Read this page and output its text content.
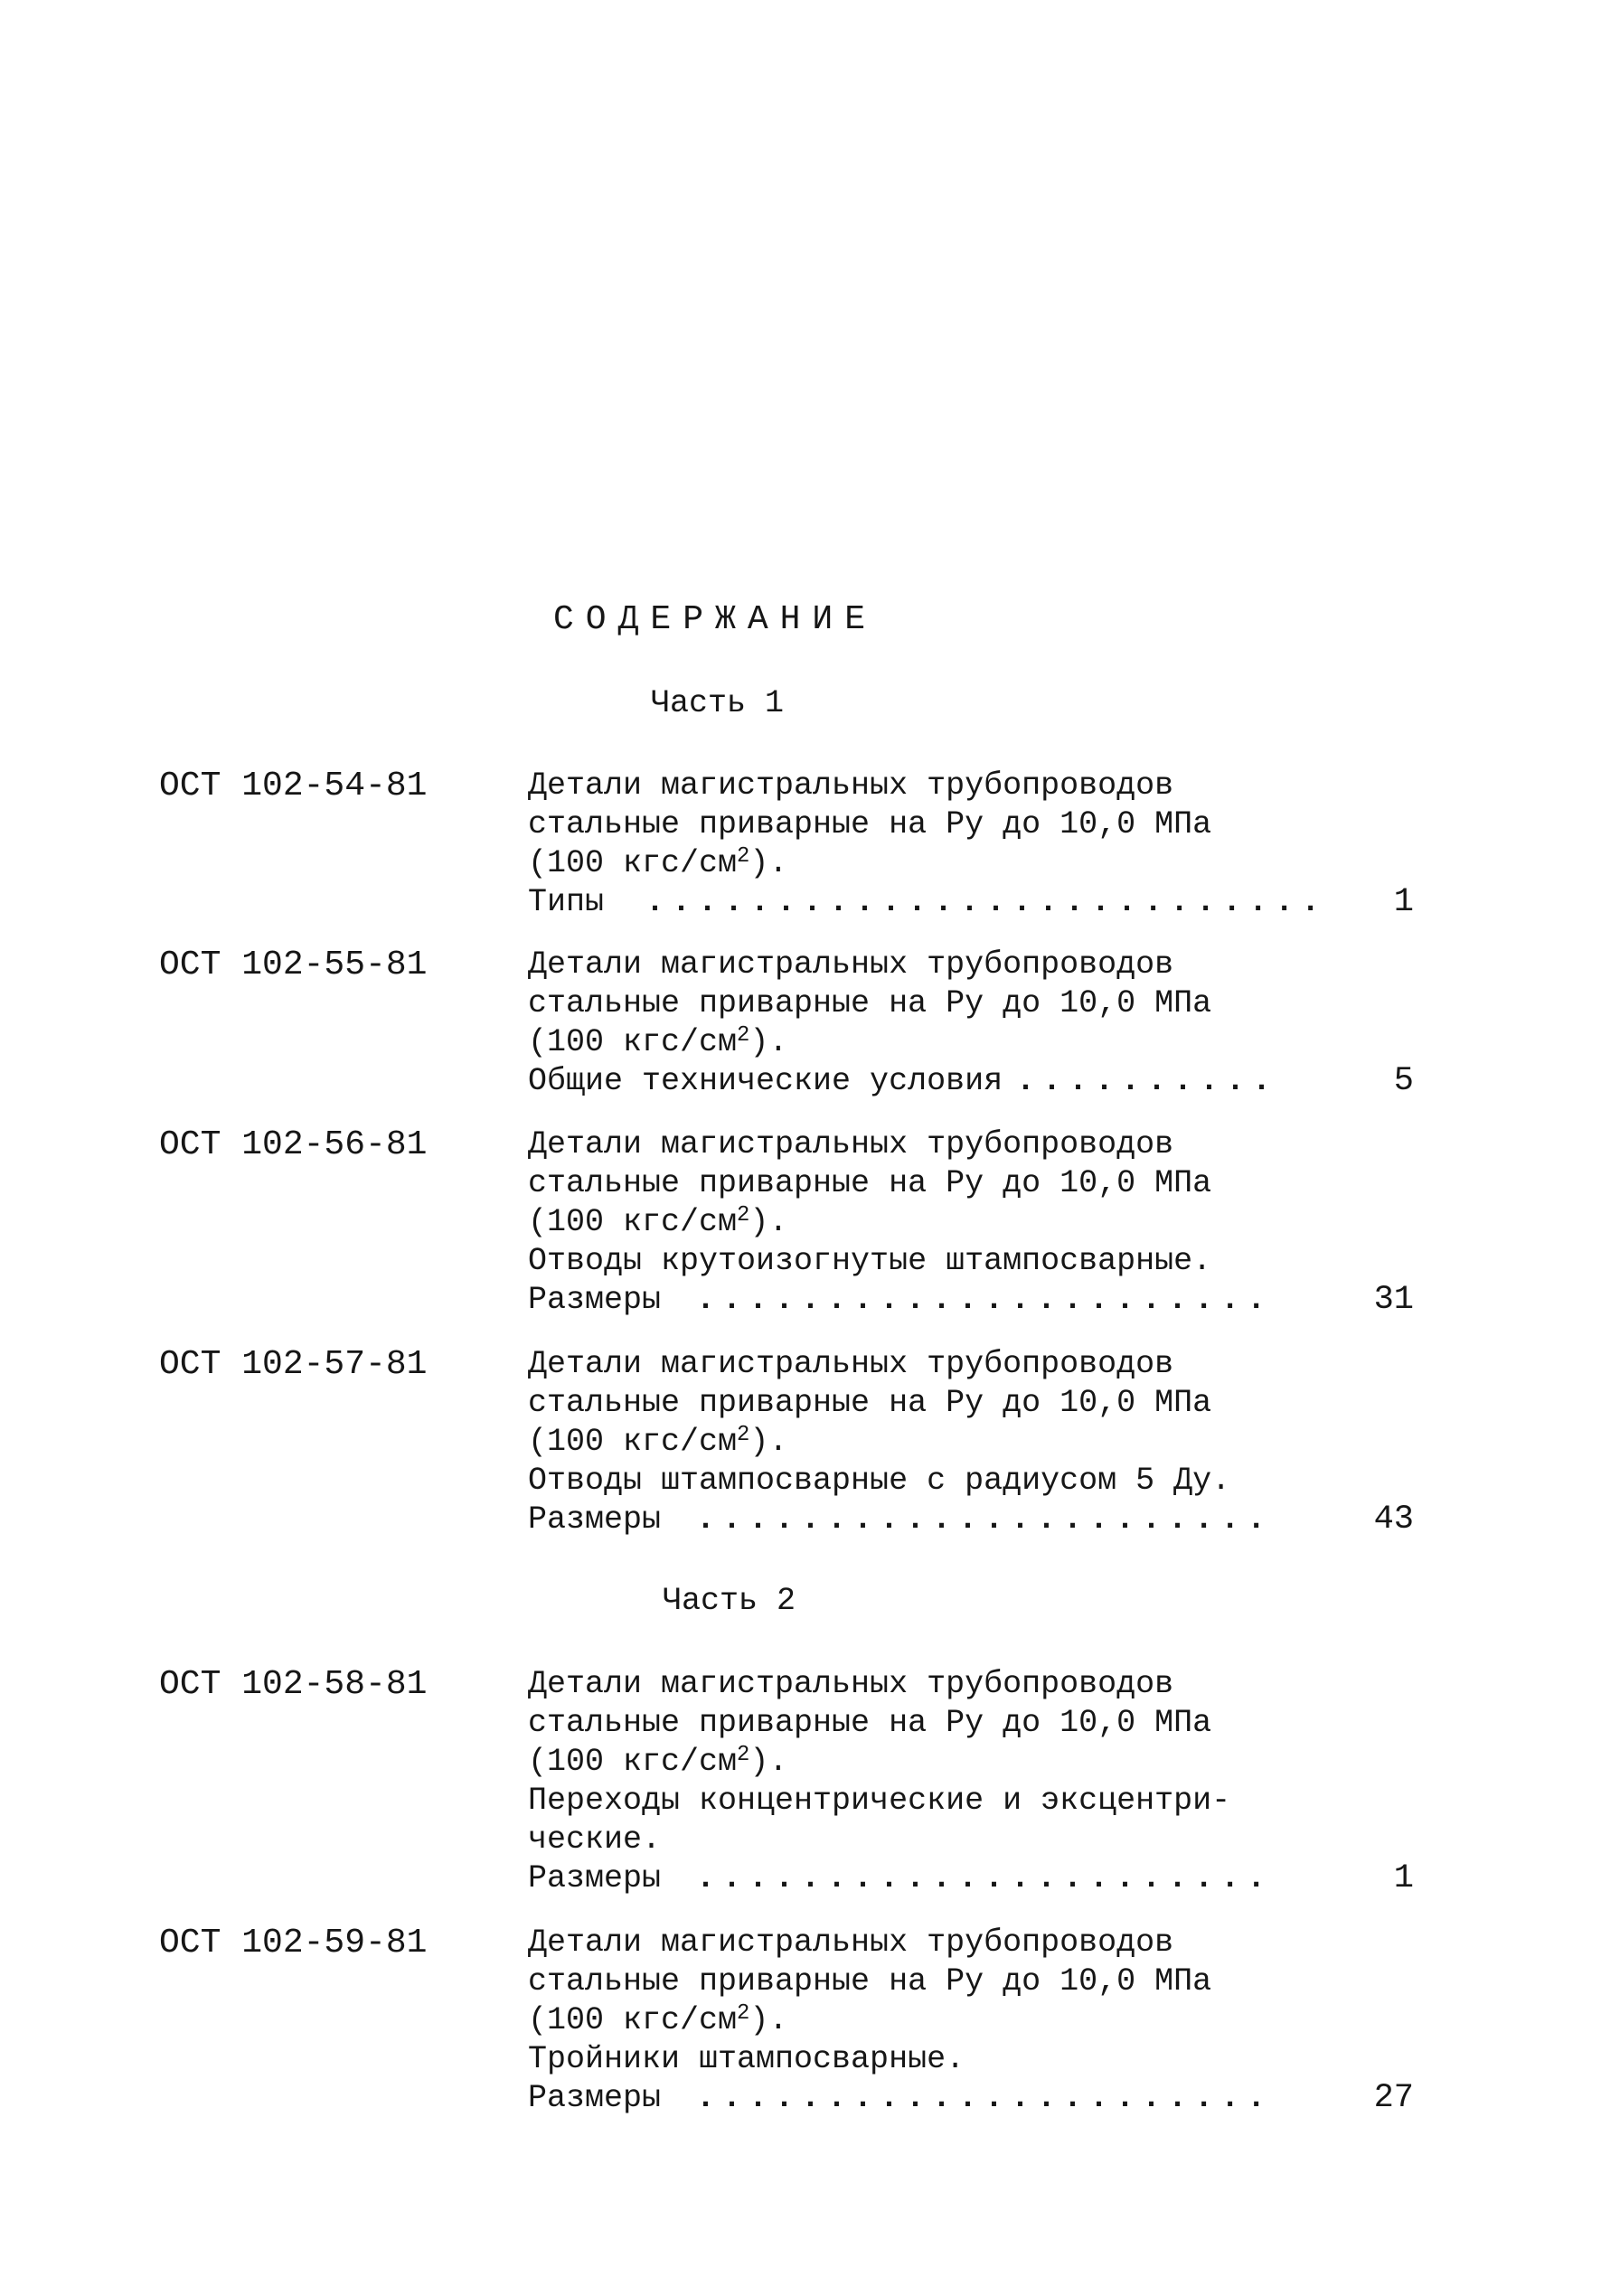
СОДЕРЖАНИЕ
Часть 1
ОСТ 102-54-81	Детали магистральных трубопроводов
стальные приварные на Ру до 10,0 МПа
(100 кгс/$см^2$).
Типы .......................... 1
ОСТ 102-55-81	Детали магистральных трубопроводов
стальные приварные на Ру до 10,0 МПа
(100 кгс/$см^2$).
Общие технические условия ..........	5
ОСТ 102-56-81	Детали магистральных трубопроводов
стальные приварные на Ру до 10,0 МПа
(100 кгс/$см^2$).
Отводы крутоизогнутые штампосварные.
Размеры ......................	31
ОСТ 102-57-81	Детали магистральных трубопроводов
стальные приварные на Ру до 10,0 МПа
(100 кгс/$см^2$).
Отводы штампосварные с радиусом 5 Ду.
Размеры ......................	43
Часть 2
ОСТ 102-58-81	Детали магистральных трубопроводов
стальные приварные на Ру до 10,0 МПа
(100 кгс/$см^2$).
Переходы концентрические и эксцентри-
ческие.
Размеры ......................	1
ОСТ 102-59-81	Детали магистральных трубопроводов
стальные приварные на Ру до 10,0 МПа
(100 кгс/$см^2$).
Тройники штампосварные.
Размеры ......................	27
